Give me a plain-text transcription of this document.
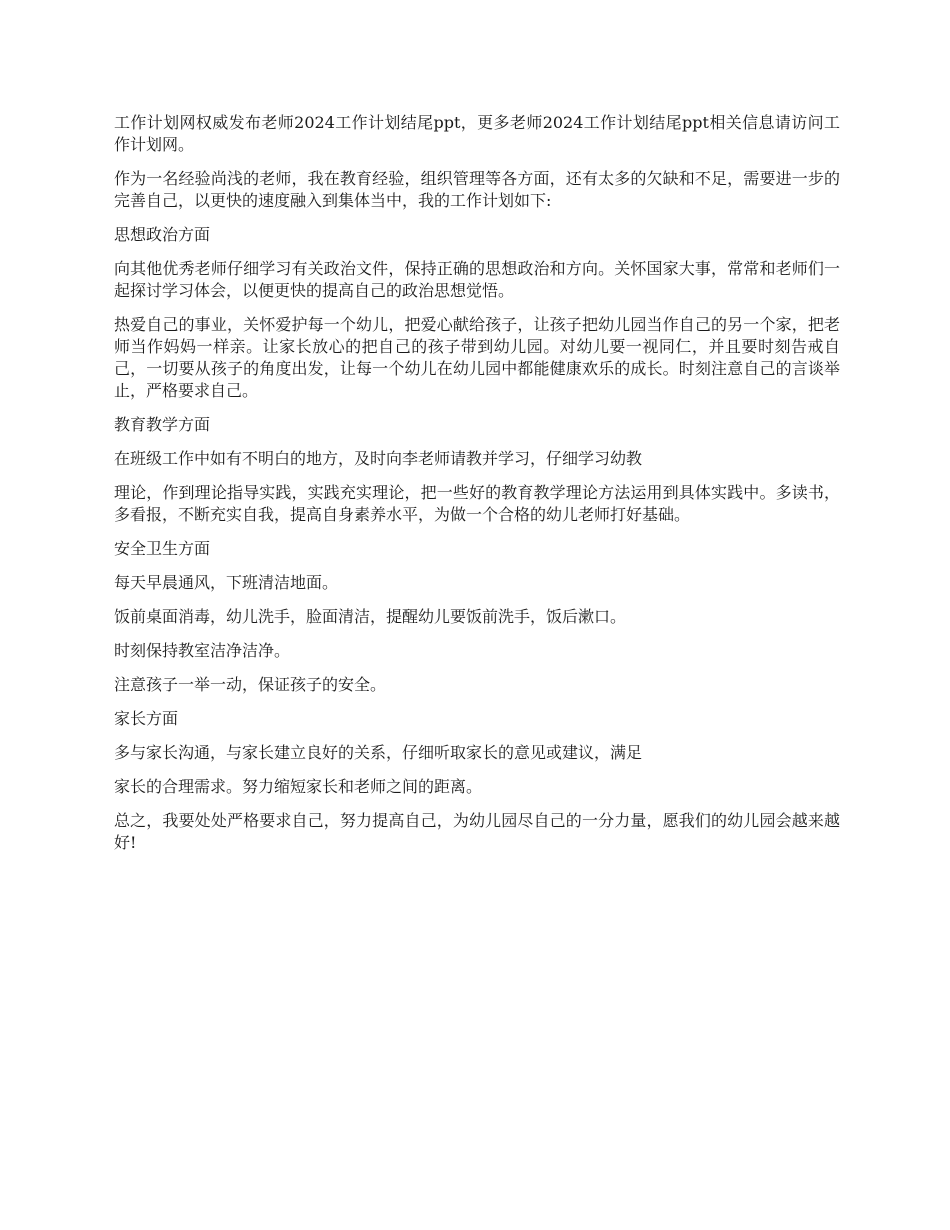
工作计划网权威发布老师2024工作计划结尾ppt，更多老师2024工作计划结尾ppt相关信息请访问工作计划网。

作为一名经验尚浅的老师，我在教育经验，组织管理等各方面，还有太多的欠缺和不足，需要进一步的完善自己，以更快的速度融入到集体当中，我的工作计划如下:

思想政治方面

向其他优秀老师仔细学习有关政治文件，保持正确的思想政治和方向。关怀国家大事，常常和老师们一起探讨学习体会，以便更快的提高自己的政治思想觉悟。

热爱自己的事业，关怀爱护每一个幼儿，把爱心献给孩子，让孩子把幼儿园当作自己的另一个家，把老师当作妈妈一样亲。让家长放心的把自己的孩子带到幼儿园。对幼儿要一视同仁，并且要时刻告戒自己，一切要从孩子的角度出发，让每一个幼儿在幼儿园中都能健康欢乐的成长。时刻注意自己的言谈举止，严格要求自己。

教育教学方面

在班级工作中如有不明白的地方，及时向李老师请教并学习，仔细学习幼教

理论，作到理论指导实践，实践充实理论，把一些好的教育教学理论方法运用到具体实践中。多读书，多看报，不断充实自我，提高自身素养水平，为做一个合格的幼儿老师打好基础。

安全卫生方面

每天早晨通风，下班清洁地面。

饭前桌面消毒，幼儿洗手，脸面清洁，提醒幼儿要饭前洗手，饭后漱口。

时刻保持教室洁净洁净。

注意孩子一举一动，保证孩子的安全。

家长方面

多与家长沟通，与家长建立良好的关系，仔细听取家长的意见或建议，满足

家长的合理需求。努力缩短家长和老师之间的距离。

总之，我要处处严格要求自己，努力提高自己，为幼儿园尽自己的一分力量，愿我们的幼儿园会越来越好!
